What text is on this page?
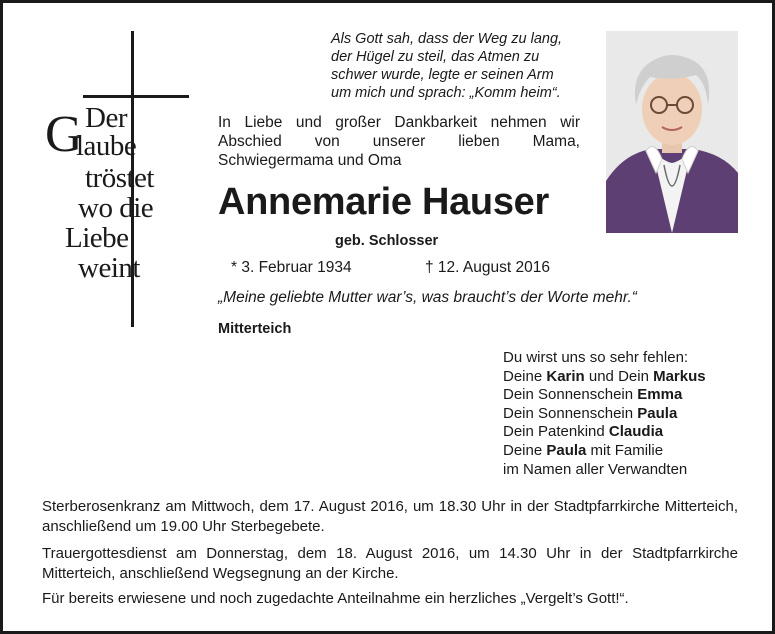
Der
G
laube
tröstet
wo die
Liebe
weint
Als Gott sah, dass der Weg zu lang,
der Hügel zu steil, das Atmen zu
schwer wurde, legte er seinen Arm
um mich und sprach: „Komm heim“.
In Liebe und großer Dankbarkeit nehmen wir
Abschied von unserer lieben Mama,
Schwiegermama und Oma
Annemarie Hauser
geb. Schlosser
* 3. Februar 1934	† 12. August 2016
„Meine geliebte Mutter war’s, was braucht’s der Worte mehr.“
Mitterteich
Du wirst uns so sehr fehlen:
Deine Karin und Dein Markus
Dein Sonnenschein Emma
Dein Sonnenschein Paula
Dein Patenkind Claudia
Deine Paula mit Familie
im Namen aller Verwandten
Sterberosenkranz am Mittwoch, dem 17. August 2016, um 18.30 Uhr in der Stadtpfarrkirche Mitterteich, anschließend um 19.00 Uhr Sterbegebete.
Trauergottesdienst am Donnerstag, dem 18. August 2016, um 14.30 Uhr in der Stadtpfarrkirche Mitterteich, anschließend Wegsegnung an der Kirche.
Für bereits erwiesene und noch zugedachte Anteilnahme ein herzliches „Vergelt’s Gott!“.
